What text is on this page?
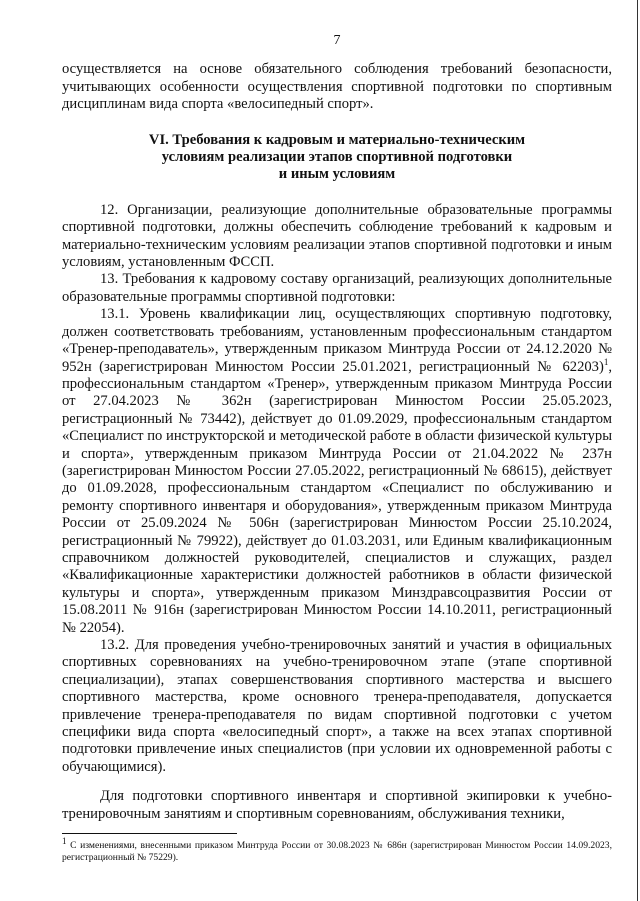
7

осуществляется на основе обязательного соблюдения требований безопасности, учитывающих особенности осуществления спортивной подготовки по спортивным дисциплинам вида спорта «велосипедный спорт».

VI. Требования к кадровым и материально-техническим
условиям реализации этапов спортивной подготовки
и иным условиям

12. Организации, реализующие дополнительные образовательные программы спортивной подготовки, должны обеспечить соблюдение требований к кадровым и материально-техническим условиям реализации этапов спортивной подготовки и иным условиям, установленным ФССП.

13. Требования к кадровому составу организаций, реализующих дополнительные образовательные программы спортивной подготовки:

13.1. Уровень квалификации лиц, осуществляющих спортивную подготовку, должен соответствовать требованиям, установленным профессиональным стандартом «Тренер-преподаватель», утвержденным приказом Минтруда России от 24.12.2020 № 952н (зарегистрирован Минюстом России 25.01.2021, регистрационный № 62203)$^1$, профессиональным стандартом «Тренер», утвержденным приказом Минтруда России от 27.04.2023 № 362н (зарегистрирован Минюстом России 25.05.2023, регистрационный № 73442), действует до 01.09.2029, профессиональным стандартом «Специалист по инструкторской и методической работе в области физической культуры и спорта», утвержденным приказом Минтруда России от 21.04.2022 № 237н (зарегистрирован Минюстом России 27.05.2022, регистрационный № 68615), действует до 01.09.2028, профессиональным стандартом «Специалист по обслуживанию и ремонту спортивного инвентаря и оборудования», утвержденным приказом Минтруда России от 25.09.2024 № 506н (зарегистрирован Минюстом России 25.10.2024, регистрационный № 79922), действует до 01.03.2031, или Единым квалификационным справочником должностей руководителей, специалистов и служащих, раздел «Квалификационные характеристики должностей работников в области физической культуры и спорта», утвержденным приказом Минздравсоцразвития России от 15.08.2011 № 916н (зарегистрирован Минюстом России 14.10.2011, регистрационный № 22054).

13.2. Для проведения учебно-тренировочных занятий и участия в официальных спортивных соревнованиях на учебно-тренировочном этапе (этапе спортивной специализации), этапах совершенствования спортивного мастерства и высшего спортивного мастерства, кроме основного тренера-преподавателя, допускается привлечение тренера-преподавателя по видам спортивной подготовки с учетом специфики вида спорта «велосипедный спорт», а также на всех этапах спортивной подготовки привлечение иных специалистов (при условии их одновременной работы с обучающимися).

Для подготовки спортивного инвентаря и спортивной экипировки к учебно-тренировочным занятиям и спортивным соревнованиям, обслуживания техники,

$^1$ С изменениями, внесенными приказом Минтруда России от 30.08.2023 № 686н (зарегистрирован Минюстом России 14.09.2023, регистрационный № 75229).
